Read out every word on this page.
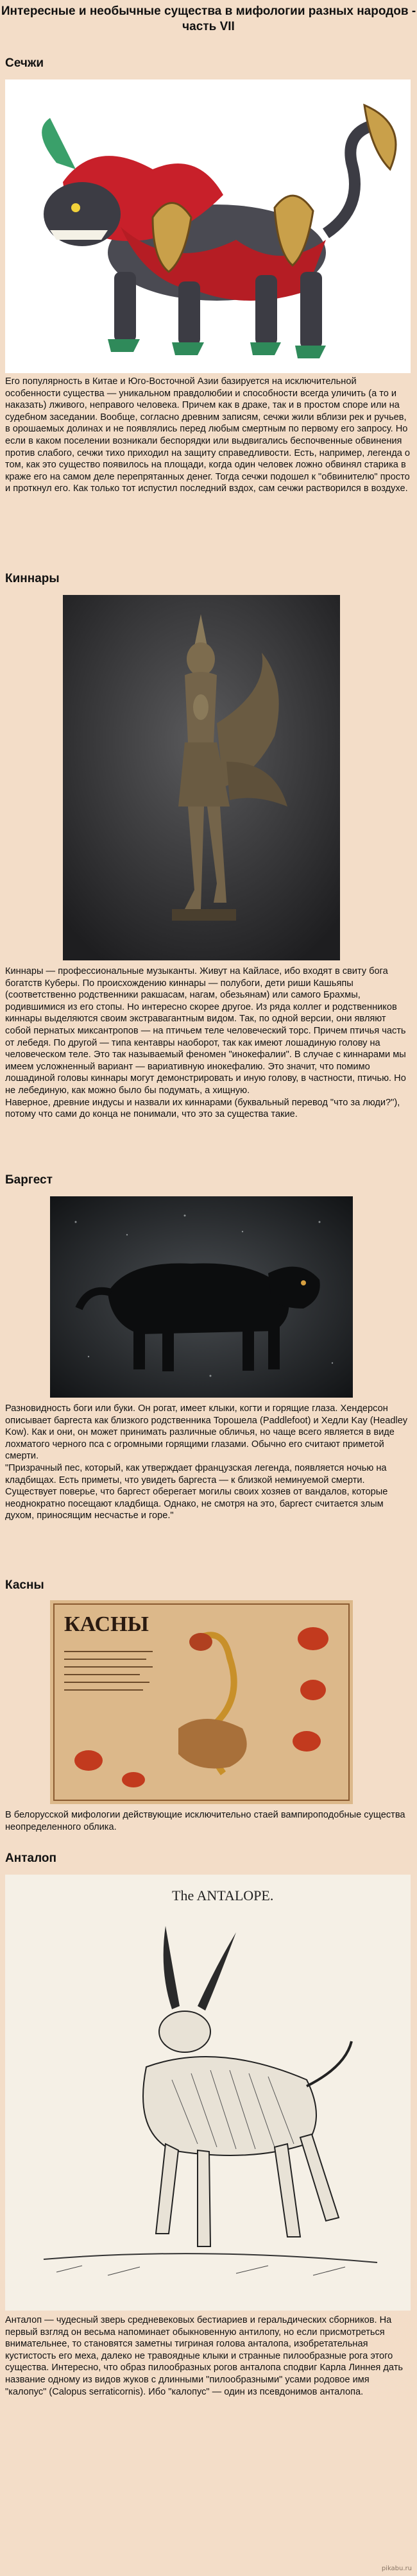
Интересные и необычные существа в мифологии разных народов - часть VII
Сечжи

Его популярность в Китае и Юго-Восточной Азии базируется на исключительной особенности существа — уникальном правдолюбии и способности всегда уличить (а то и наказать) лживого, неправого человека. Причем как в драке, так и в простом споре или на судебном заседании. Вообще, согласно древним записям, сечжи жили вблизи рек и ручьев, в орошаемых долинах и не появлялись перед любым смертным по первому его запросу. Но если в каком поселении возникали беспорядки или выдвигались беспочвенные обвинения против слабого, сечжи тихо приходил на защиту справедливости. Есть, например, легенда о том, как это существо появилось на площади, когда один человек ложно обвинял старика в краже его на самом деле перепрятанных денег. Тогда сечжи подошел к "обвинителю" просто и проткнул его. Как только тот испустил последний вздох, сам сечжи растворился в воздухе.

Киннары

Киннары — профессиональные музыканты. Живут на Кайласе, ибо входят в свиту бога богатств Куберы. По происхождению киннары — полубоги, дети риши Кашьяпы (соответственно родственники ракшасам, нагам, обезьянам) или самого Брахмы, родившимися из его стопы. Но интересно скорее другое. Из ряда коллег и родственников киннары выделяются своим экстравагантным видом. Так, по одной версии, они являют собой пернатых миксантропов — на птичьем теле человеческий торс. Причем птичья часть от лебедя. По другой — типа кентавры наоборот, так как имеют лошадиную голову на человеческом теле. Это так называемый феномен "инокефалии". В случае с киннарами мы имеем усложненный вариант — вариативную инокефалию. Это значит, что помимо лошадиной головы киннары могут демонстрировать и иную голову, в частности, птичью. Но не лебединую, как можно было бы подумать, а хищную.
Наверное, древние индусы и назвали их киннарами (буквальный перевод "что за люди?"), потому что сами до конца не понимали, что это за существа такие.

Баргест

Разновидность боги или буки. Он рогат, имеет клыки, когти и горящие глаза. Хендерсон описывает баргеста как близкого родственника Topoшeлa (Paddlefoot) и Хедли Kay (Headley Kow). Как и они, он может принимать различные обличья, но чаще всего является в виде лохматого черного пса с огромными горящими глазами. Обычно его считают приметой смерти.
"Призрачный пес, который, как утверждает французская легенда, появляется ночью на кладбищах. Есть приметы, что увидеть баргеста — к близкой неминуемой смерти. Существует поверье, что баргест оберегает могилы своих хозяев от вандалов, которые неоднократно посещают кладбища. Однако, не смотря на это, баргест считается злым духом, приносящим несчастье и горе."

Касны
КАСНЫ

В белорусской мифологии действующие исключительно стаей вампироподобные существа неопределенного облика.

Анталоп
The ANTALOPE.

Анталоп — чудесный зверь средневековых бестиариев и геральдических сборников. На первый взгляд он весьма напоминает обыкновенную антилопу, но если присмотреться внимательнее, то становятся заметны тигриная голова анталопа, изобретательная кустистость его меха, далеко не травоядные клыки и странные пилообразные рога этого существа. Интересно, что образ пилообразных рогов анталопа сподвиг Карла Линнея дать название одному из видов жуков с длинными "пилообразными" усами родовое имя "калопус" (Calopus serraticornis). Ибо "калопус" — один из псевдонимов анталопа.

pikabu.ru
